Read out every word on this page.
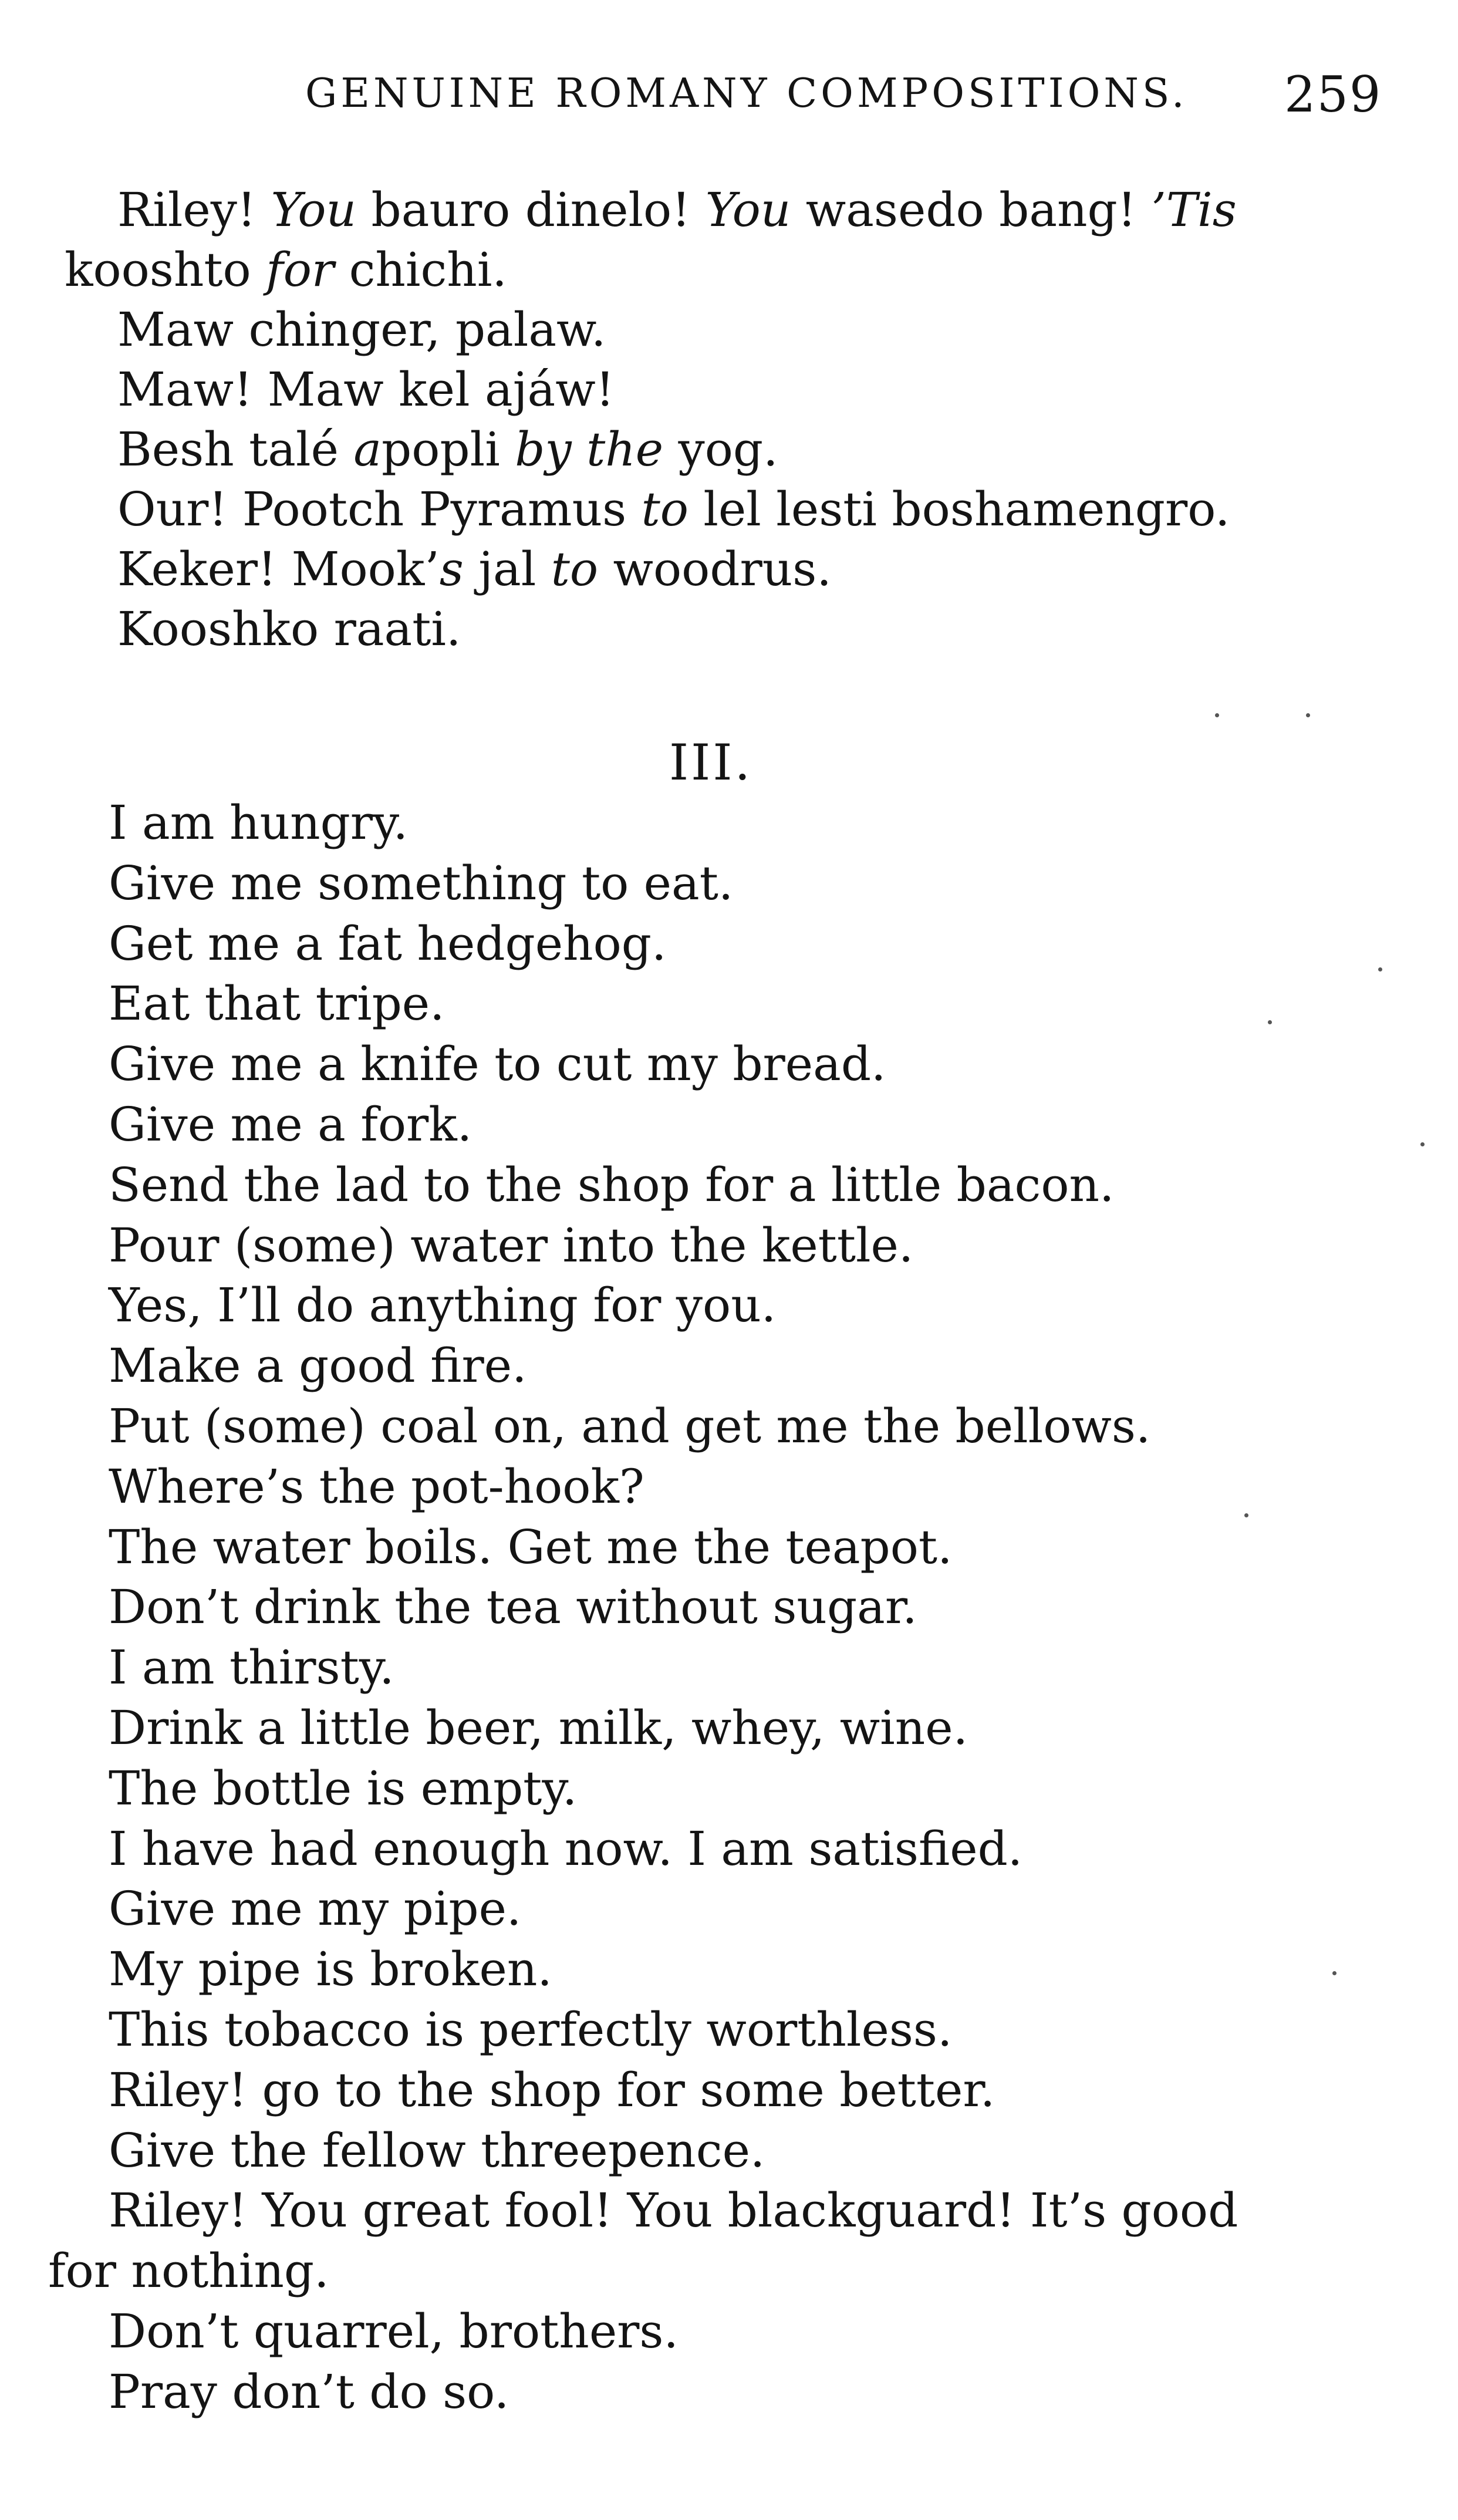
GENUINE ROMANY COMPOSITIONS. 259
Riley! You bauro dinelo! You wasedo bang! ’Tis
kooshto for chichi.
Maw chinger, palaw.
Maw! Maw kel ajáw!
Besh talé apopli by the yog.
Our! Pootch Pyramus to lel lesti boshamengro.
Keker! Mook’s jal to woodrus.
Kooshko raati.
III.
I am hungry.
Give me something to eat.
Get me a fat hedgehog.
Eat that tripe.
Give me a knife to cut my bread.
Give me a fork.
Send the lad to the shop for a little bacon.
Pour (some) water into the kettle.
Yes, I’ll do anything for you.
Make a good fire.
Put (some) coal on, and get me the bellows.
Where’s the pot-hook?
The water boils. Get me the teapot.
Don’t drink the tea without sugar.
I am thirsty.
Drink a little beer, milk, whey, wine.
The bottle is empty.
I have had enough now. I am satisfied.
Give me my pipe.
My pipe is broken.
This tobacco is perfectly worthless.
Riley! go to the shop for some better.
Give the fellow threepence.
Riley! You great fool! You blackguard! It’s good
for nothing.
Don’t quarrel, brothers.
Pray don’t do so.
